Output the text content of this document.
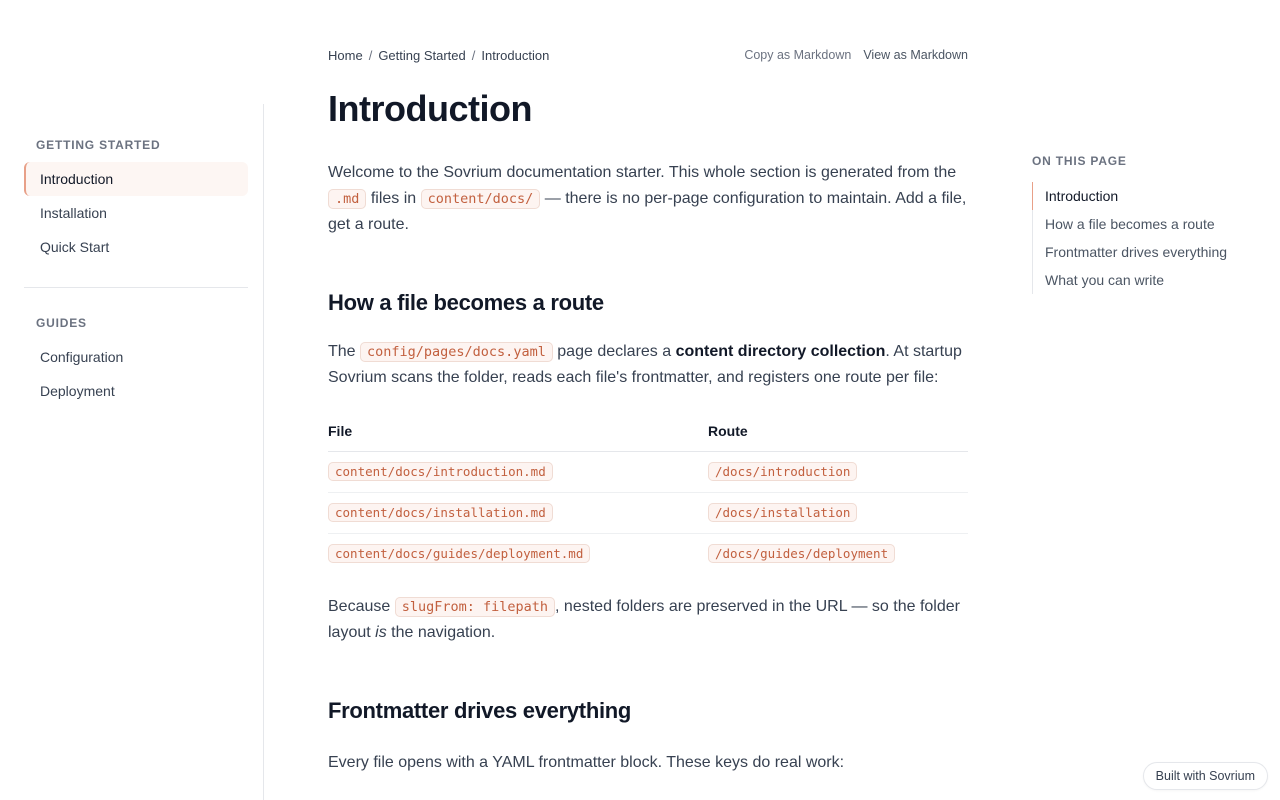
GETTING STARTED
Introduction
Installation
Quick Start
GUIDES
Configuration
Deployment
Home / Getting Started / Introduction	Copy as Markdown View as Markdown
Introduction

Welcome to the Sovrium documentation starter. This whole section is generated from the .md files in content/docs/ — there is no per-page configuration to maintain. Add a file, get a route.

How a file becomes a route

The config/pages/docs.yaml page declares a content directory collection. At startup Sovrium scans the folder, reads each file's frontmatter, and registers one route per file:

File	Route
content/docs/introduction.md	/docs/introduction
content/docs/installation.md	/docs/installation
content/docs/guides/deployment.md	/docs/guides/deployment

Because slugFrom: filepath , nested folders are preserved in the URL — so the folder layout is the navigation.

Frontmatter drives everything

Every file opens with a YAML frontmatter block. These keys do real work:

ON THIS PAGE
Introduction
How a file becomes a route
Frontmatter drives everything
What you can write
Built with Sovrium
